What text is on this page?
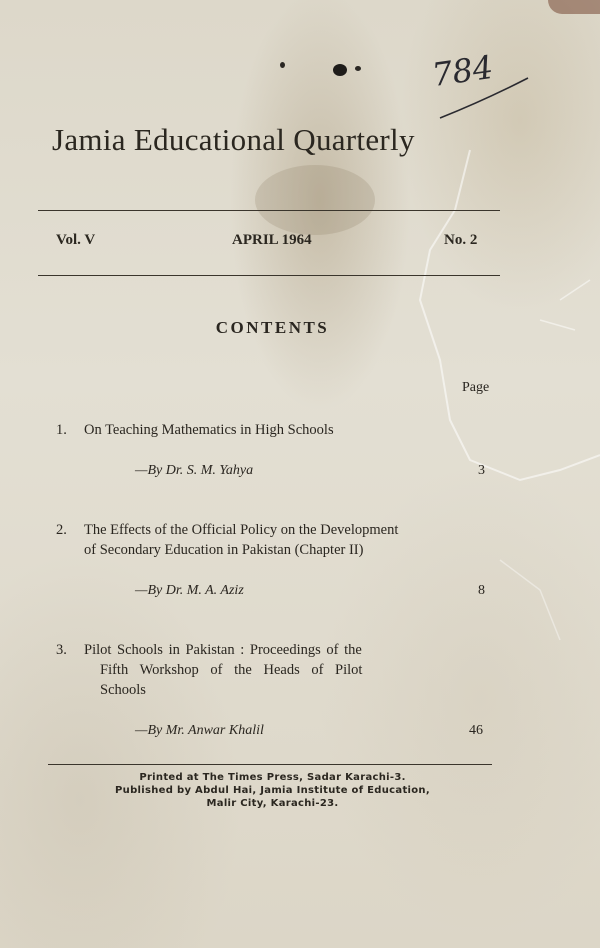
784
Jamia Educational Quarterly
Vol. V	APRIL 1964	No. 2
CONTENTS
Page
1. On Teaching Mathematics in High Schools
—By Dr. S. M. Yahya	3
2. The Effects of the Official Policy on the Development
of Secondary Education in Pakistan (Chapter II)
—By Dr. M. A. Aziz	8
3. Pilot Schools in Pakistan : Proceedings of the
Fifth Workshop of the Heads of Pilot
Schools
—By Mr. Anwar Khalil	46
Printed at The Times Press, Sadar Karachi-3.
Published by Abdul Hai, Jamia Institute of Education,
Malir City, Karachi-23.
